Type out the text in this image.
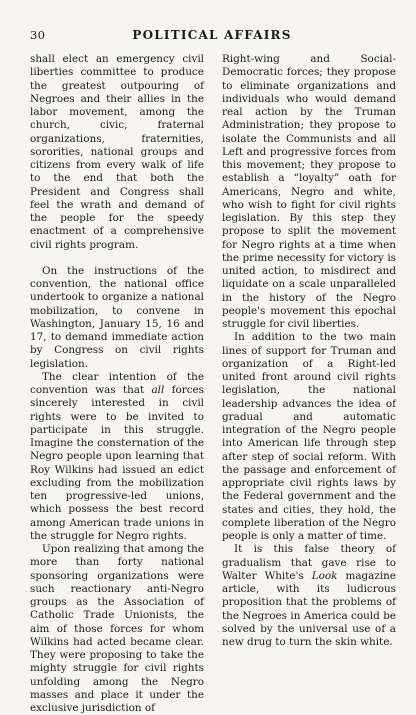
30	POLITICAL AFFAIRS

shall elect an emergency civil liberties committee to produce the greatest outpouring of Negroes and their allies in the labor movement, among the church, civic, fraternal organizations, fraternities, sororities, national groups and citizens from every walk of life to the end that both the President and Congress shall feel the wrath and demand of the people for the speedy enactment of a comprehensive civil rights program.

On the instructions of the convention, the national office undertook to organize a national mobilization, to convene in Washington, January 15, 16 and 17, to demand immediate action by Congress on civil rights legislation.

The clear intention of the convention was that all forces sincerely interested in civil rights were to be invited to participate in this struggle. Imagine the consternation of the Negro people upon learning that Roy Wilkins had issued an edict excluding from the mobilization ten progressive-led unions, which possess the best record among American trade unions in the struggle for Negro rights.

Upon realizing that among the more than forty national sponsoring organizations were such reactionary anti-Negro groups as the Association of Catholic Trade Unionists, the aim of those forces for whom Wilkins had acted became clear. They were proposing to take the mighty struggle for civil rights unfolding among the Negro masses and place it under the exclusive jurisdiction of

Right-wing and Social-Democratic forces; they propose to eliminate organizations and individuals who would demand real action by the Truman Administration; they propose to isolate the Communists and all Left and progressive forces from this movement; they propose to establish a “loyalty” oath for Americans, Negro and white, who wish to fight for civil rights legislation. By this step they propose to split the movement for Negro rights at a time when the prime necessity for victory is united action, to misdirect and liquidate on a scale unparalleled in the history of the Negro people's movement this epochal struggle for civil liberties.

In addition to the two main lines of support for Truman and organization of a Right-led united front around civil rights legislation, the national leadership advances the idea of gradual and automatic integration of the Negro people into American life through step after step of social reform. With the passage and enforcement of appropriate civil rights laws by the Federal government and the states and cities, they hold, the complete liberation of the Negro people is only a matter of time.

It is this false theory of gradualism that gave rise to Walter White's Look magazine article, with its ludicrous proposition that the problems of the Negroes in America could be solved by the universal use of a new drug to turn the skin white.
